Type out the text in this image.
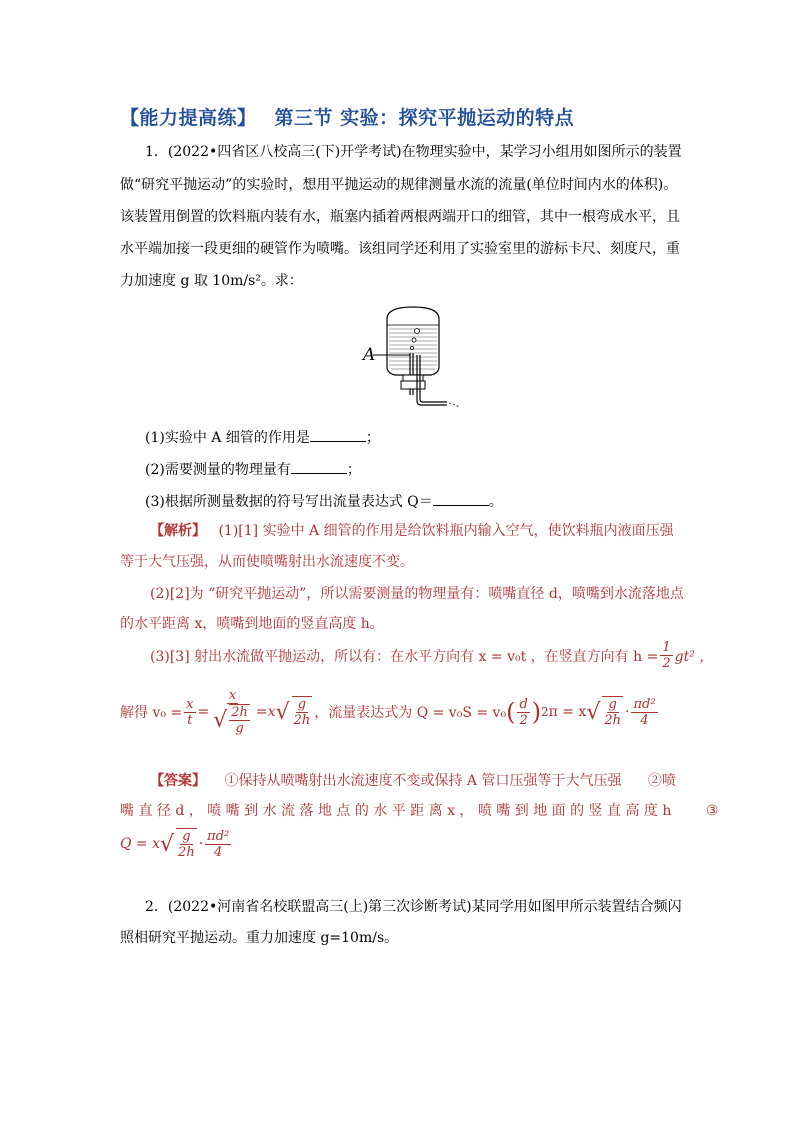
【能力提高练】 第三节 实验：探究平抛运动的特点
1．(2022•四省区八校高三(下)开学考试)在物理实验中，某学习小组用如图所示的装置
做“研究平抛运动”的实验时，想用平抛运动的规律测量水流的流量(单位时间内水的体积)。
该装置用倒置的饮料瓶内装有水，瓶塞内插着两根两端开口的细管，其中一根弯成水平，且
水平端加接一段更细的硬管作为喷嘴。该组同学还利用了实验室里的游标卡尺、刻度尺，重
力加速度 g 取 10m/s²。求：
A
(1)实验中 A 细管的作用是	；
(2)需要测量的物理量有	；
(3)根据所测量数据的符号写出流量表达式 Q＝	。
【解析】 (1)[1] 实验中 A 细管的作用是给饮料瓶内输入空气，使饮料瓶内液面压强
等于大气压强，从而使喷嘴射出水流速度不变。
(2)[2]为 “研究平抛运动”，所以需要测量的物理量有：喷嘴直径 d，喷嘴到水流落地点
的水平距离 x，喷嘴到地面的竖直高度 h。
(3)[3] 射出水流做平抛运动，所以有：在水平方向有 x = v₀t ，在竖直方向有 $h = \frac{1}{2} gt^2$ ，
解得 $v_0 = \frac{x}{t} = \frac{x}{√ \frac{2h}{g}} = x$ √ $\frac{g}{2h}$ ，流量表达式为 Q = v₀S = v₀ ( $\frac{d}{2}$ ) 2 π = x √ $\frac{g}{2h} \cdot \frac{\text{πd²}}{4}$
【答案】 ①保持从喷嘴射出水流速度不变或保持 A 管口压强等于大气压强 ②喷
嘴 直 径 d ， 喷 嘴 到 水 流 落 地 点 的 水 平 距 离 x ， 喷 嘴 到 地 面 的 竖 直 高 度 h ③
Q = x √ $\frac{g}{2h} \cdot \frac{\text{πd²}}{4}$
2．(2022•河南省名校联盟高三(上)第三次诊断考试)某同学用如图甲所示装置结合频闪
照相研究平抛运动。重力加速度 g=10m/s。
